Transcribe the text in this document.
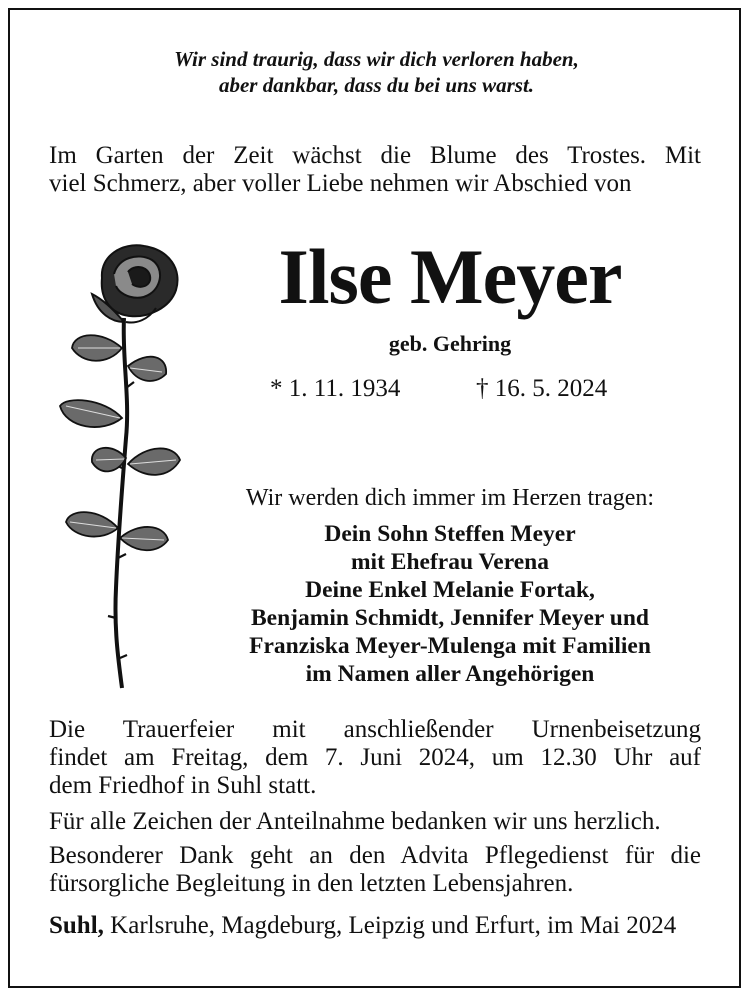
Wir sind traurig, dass wir dich verloren haben,
aber dankbar, dass du bei uns warst.
Im Garten der Zeit wächst die Blume des Trostes. Mit
viel Schmerz, aber voller Liebe nehmen wir Abschied von
Ilse Meyer
geb. Gehring
* 1. 11. 1934	† 16. 5. 2024
Wir werden dich immer im Herzen tragen:
Dein Sohn Steffen Meyer
mit Ehefrau Verena
Deine Enkel Melanie Fortak,
Benjamin Schmidt, Jennifer Meyer und
Franziska Meyer-Mulenga mit Familien
im Namen aller Angehörigen
Die Trauerfeier mit anschließender Urnenbeisetzung
findet am Freitag, dem 7. Juni 2024, um 12.30 Uhr auf
dem Friedhof in Suhl statt.
Für alle Zeichen der Anteilnahme bedanken wir uns herzlich.
Besonderer Dank geht an den Advita Pflegedienst für die
fürsorgliche Begleitung in den letzten Lebensjahren.
Suhl, Karlsruhe, Magdeburg, Leipzig und Erfurt, im Mai 2024
